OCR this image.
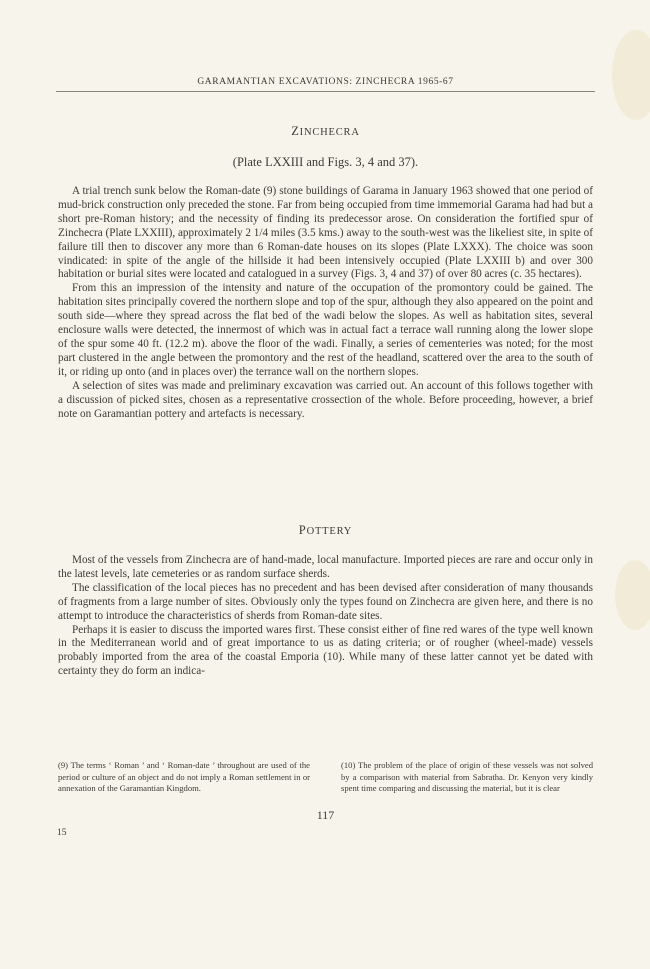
GARAMANTIAN EXCAVATIONS: ZINCHECRA 1965-67
ZINCHECRA
(Plate LXXIII and Figs. 3, 4 and 37).

A trial trench sunk below the Roman-date (9) stone buildings of Garama in January 1963 showed that one period of mud-brick construction only preceded the stone. Far from being occupied from time immemorial Garama had had but a short pre-Roman history; and the necessity of finding its predecessor arose. On consideration the fortified spur of Zinchecra (Plate LXXIII), approximately 2 1/4 miles (3.5 kms.) away to the south-west was the likeliest site, in spite of failure till then to discover any more than 6 Roman-date houses on its slopes (Plate LXXX). The choice was soon vindicated: in spite of the angle of the hillside it had been intensively occupied (Plate LXXIII b) and over 300 habitation or burial sites were located and catalogued in a survey (Figs. 3, 4 and 37) of over 80 acres (c. 35 hectares).

From this an impression of the intensity and nature of the occupation of the promontory could be gained. The habitation sites principally covered the northern slope and top of the spur, although they also appeared on the point and south side—where they spread across the flat bed of the wadi below the slopes. As well as habitation sites, several enclosure walls were detected, the innermost of which was in actual fact a terrace wall running along the lower slope of the spur some 40 ft. (12.2 m). above the floor of the wadi. Finally, a series of cementeries was noted; for the most part clustered in the angle between the promontory and the rest of the headland, scattered over the area to the south of it, or riding up onto (and in places over) the terrance wall on the northern slopes.

A selection of sites was made and preliminary excavation was carried out. An account of this follows together with a discussion of picked sites, chosen as a representative crossection of the whole. Before proceeding, however, a brief note on Garamantian pottery and artefacts is necessary.

POTTERY

Most of the vessels from Zinchecra are of hand-made, local manufacture. Imported pieces are rare and occur only in the latest levels, late cemeteries or as random surface sherds.

The classification of the local pieces has no precedent and has been devised after consideration of many thousands of fragments from a large number of sites. Obviously only the types found on Zinchecra are given here, and there is no attempt to introduce the characteristics of sherds from Roman-date sites.

Perhaps it is easier to discuss the imported wares first. These consist either of fine red wares of the type well known in the Mediterranean world and of great importance to us as dating criteria; or of rougher (wheel-made) vessels probably imported from the area of the coastal Emporia (10). While many of these latter cannot yet be dated with certainty they do form an indica-

(9) The terms ‘ Roman ’ and ‘ Roman-date ’ throughout are used of the period or culture of an object and do not imply a Roman settlement in or annexation of the Garamantian Kingdom.
(10) The problem of the place of origin of these vessels was not solved by a comparison with material from Sabratha. Dr. Kenyon very kindly spent time comparing and discussing the material, but it is clear
117
15
